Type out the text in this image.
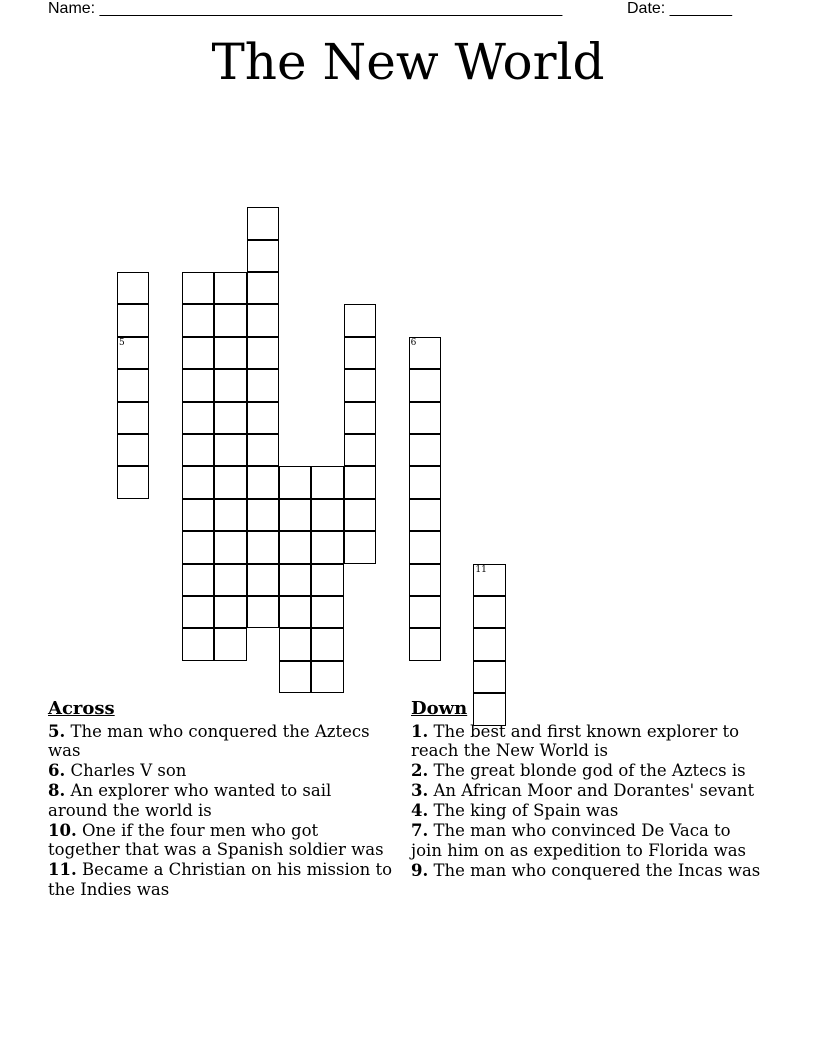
Name: ____________________________________________________	Date: _______
The New World
5	6
11
Across
5. The man who conquered the Aztecs was
6. Charles V son
8. An explorer who wanted to sail around the world is
10. One if the four men who got together that was a Spanish soldier was
11. Became a Christian on his mission to the Indies was
Down
1. The best and first known explorer to reach the New World is
2. The great blonde god of the Aztecs is
3. An African Moor and Dorantes' sevant
4. The king of Spain was
7. The man who convinced De Vaca to join him on as expedition to Florida was
9. The man who conquered the Incas was
